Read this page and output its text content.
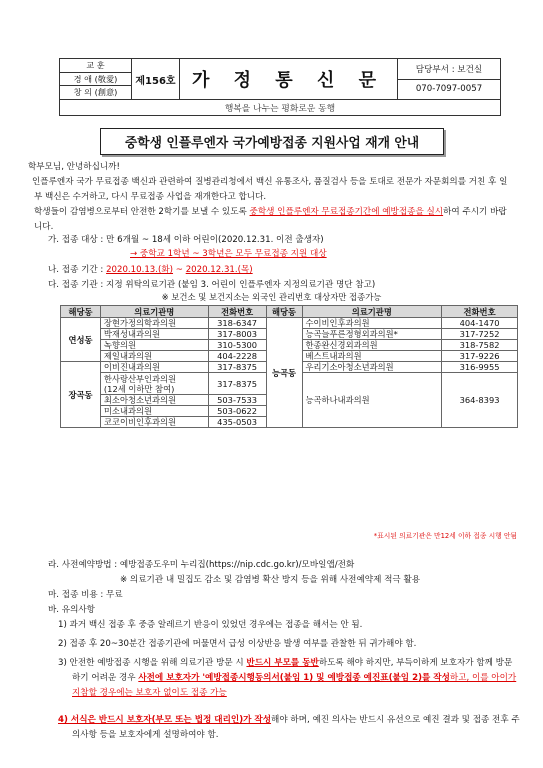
교 훈
경 애 (敬愛)
창 의 (創意)
제156호 가 정 통 신 문
담당부서 : 보건실
070-7097-0057
행복을 나누는 평화로운 동행
중학생 인플루엔자 국가예방접종 지원사업 재개 안내
학부모님, 안녕하십니까!
인플루엔자 국가 무료접종 백신과 관련하여 질병관리청에서 백신 유통조사, 품질검사 등을 토대로 전문가 자문회의를 거친 후 일부 백신은 수거하고, 다시 무료접종 사업을 재개한다고 합니다.
학생들이 감염병으로부터 안전한 2학기를 보낼 수 있도록 중학생 인플루엔자 무료접종기간에 예방접종을 실시하여 주시기 바랍니다.
가. 접종 대상 : 만 6개월 ~ 18세 이하 어린이(2020.12.31. 이전 출생자)
→ 중학교 1학년 ~ 3학년은 모두 무료접종 지원 대상
나. 접종 기간 : 2020.10.13.(화) ~ 2020.12.31.(목)
※ 보건소 및 보건지소는 외국인 관리번호 대상자만 접종가능
해당동	의료기관명	전화번호	해당동	의료기관명	전화번호
연성동	장현가정의학과의원	318-6347	능곡동	수이비인후과의원	404-1470
	박재성내과의원	317-8003		능곡늘푸른정형외과의원*	317-7252
	녹향의원	310-5300		한종완신경외과의원	318-7582
	제일내과의원	404-2228		베스트내과의원	317-9226
장곡동	이비진내과의원	317-8375		우리기소아청소년과의원	316-9955
	한사랑산부인과의원
(12세 이하만 참여)	317-8375		능곡하나내과의원	364-8393
	최소아청소년과의원	503-7533			
	미소내과의원	503-0622			
	코코이비인후과의원	435-0503			
*표시된 의료기관은 만12세 이하 접종 시행 안됨
라. 사전예약방법 : 예방접종도우미 누리집(https://nip.cdc.go.kr)/모바일앱/전화
※ 의료기관 내 밀집도 감소 및 감염병 확산 방지 등을 위해 사전예약제 적극 활용
마. 접종 비용 : 무료
바. 유의사항
1) 과거 백신 접종 후 중증 알레르기 반응이 있었던 경우에는 접종을 해서는 안 됨.
2) 접종 후 20~30분간 접종기관에 머물면서 급성 이상반응 발생 여부를 관찰한 뒤 귀가해야 함.
3) 안전한 예방접종 시행을 위해 의료기관 방문 시 반드시 부모를 동반하도록 해야 하지만, 부득이하게 보호자가 함께 방문하기 어려운 경우 사전에 보호자가 '예방접종시행동의서(붙임 1) 및 예방접종 예진표(붙임 2)를 작성하고, 이를 아이가 지참할 경우에는 보호자 없이도 접종 가능
4) 서식은 반드시 보호자(부모 또는 법정 대리인)가 작성해야 하며, 예진 의사는 반드시 유선으로 예진 결과 및 접종 전후 주의사항 등을 보호자에게 설명하여야 함.
다. 접종 기관 : 지정 위탁의료기관 (붙임 3. 어린이 인플루엔자 지정의료기관 명단 참고)
